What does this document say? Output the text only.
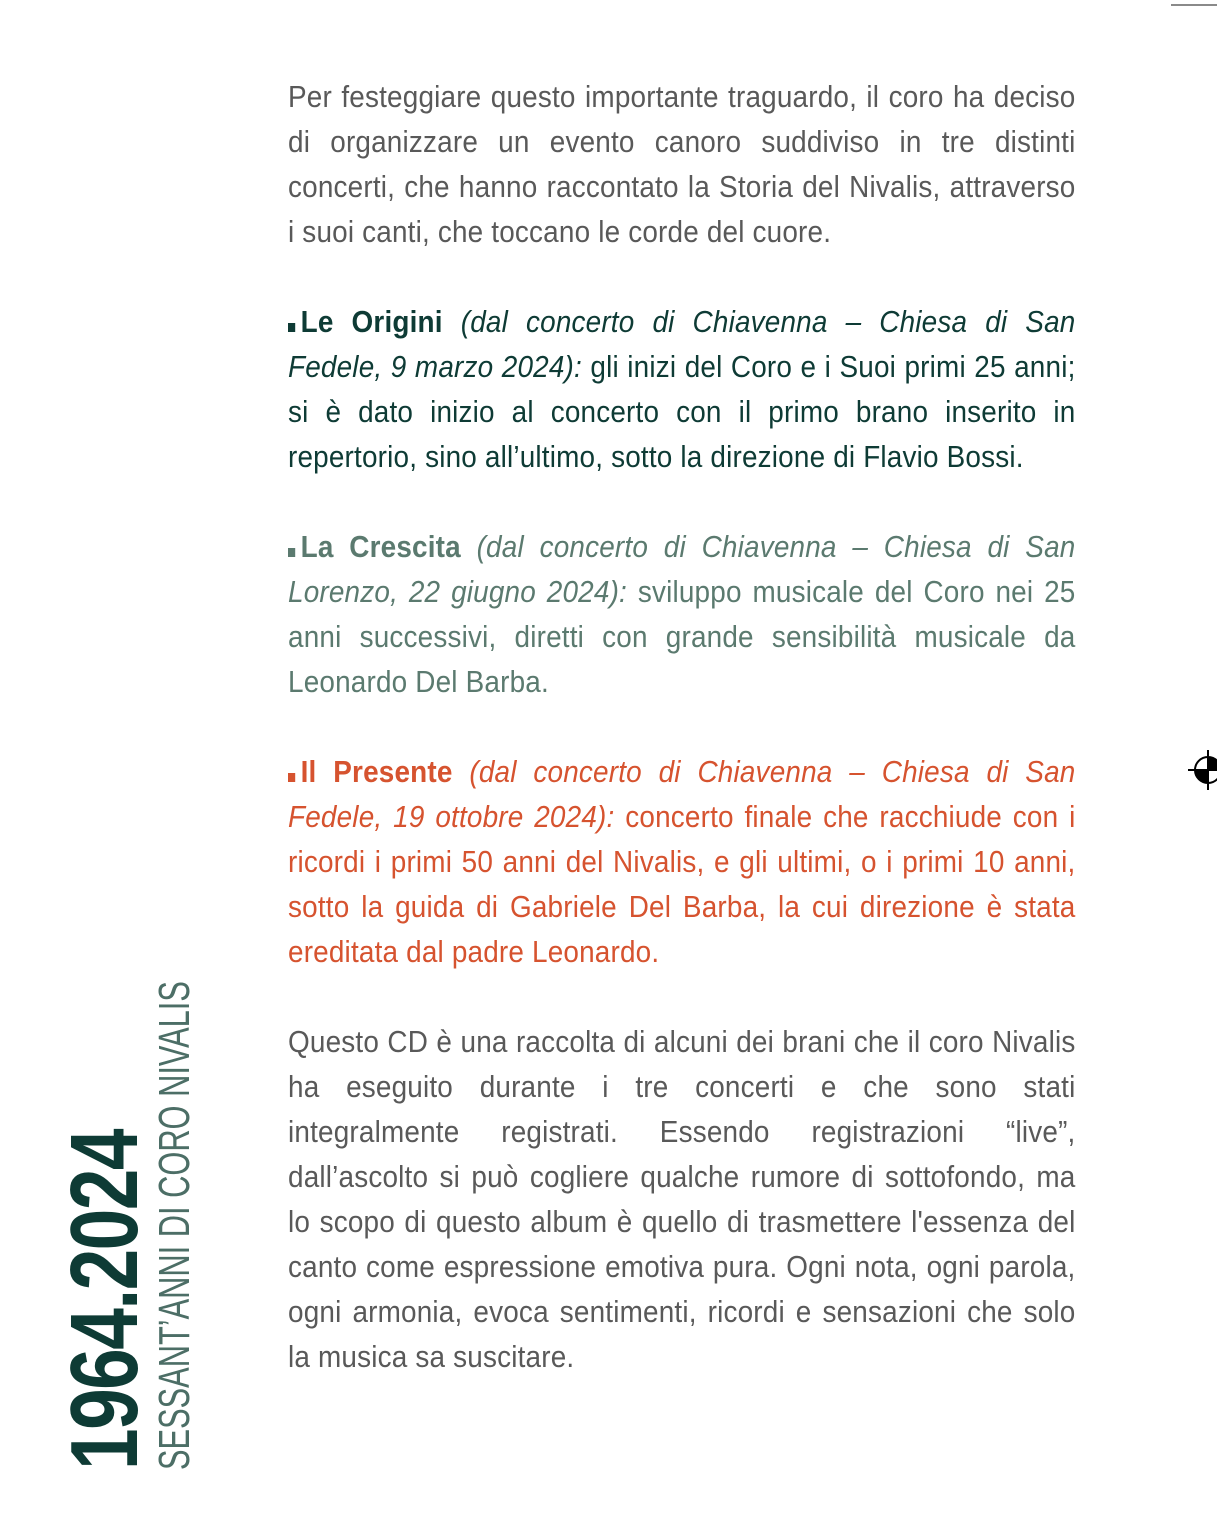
Per festeggiare questo importante traguardo, il coro ha deciso di organizzare un evento canoro suddiviso in tre distinti concerti, che hanno raccontato la Storia del Nivalis, attraverso i suoi canti, che toccano le corde del cuore.

Le Origini (dal concerto di Chiavenna – Chiesa di San Fedele, 9 marzo 2024): gli inizi del Coro e i Suoi primi 25 anni; si è dato inizio al concerto con il primo brano inserito in repertorio, sino all’ultimo, sotto la direzione di Flavio Bossi.

La Crescita (dal concerto di Chiavenna – Chiesa di San Lorenzo, 22 giugno 2024): sviluppo musicale del Coro nei 25 anni successivi, diretti con grande sensibilità musicale da Leonardo Del Barba.

Il Presente (dal concerto di Chiavenna – Chiesa di San Fedele, 19 ottobre 2024): concerto finale che racchiude con i ricordi i primi 50 anni del Nivalis, e gli ultimi, o i primi 10 anni, sotto la guida di Gabriele Del Barba, la cui direzione è stata ereditata dal padre Leonardo.

Questo CD è una raccolta di alcuni dei brani che il coro Nivalis ha eseguito durante i tre concerti e che sono stati integralmente registrati. Essendo registrazioni “live”, dall’ascolto si può cogliere qualche rumore di sottofondo, ma lo scopo di questo album è quello di trasmettere l'essenza del canto come espressione emotiva pura. Ogni nota, ogni parola, ogni armonia, evoca sentimenti, ricordi e sensazioni che solo la musica sa suscitare.

1964.2024
SESSANT’ANNI DI CORO NIVALIS
